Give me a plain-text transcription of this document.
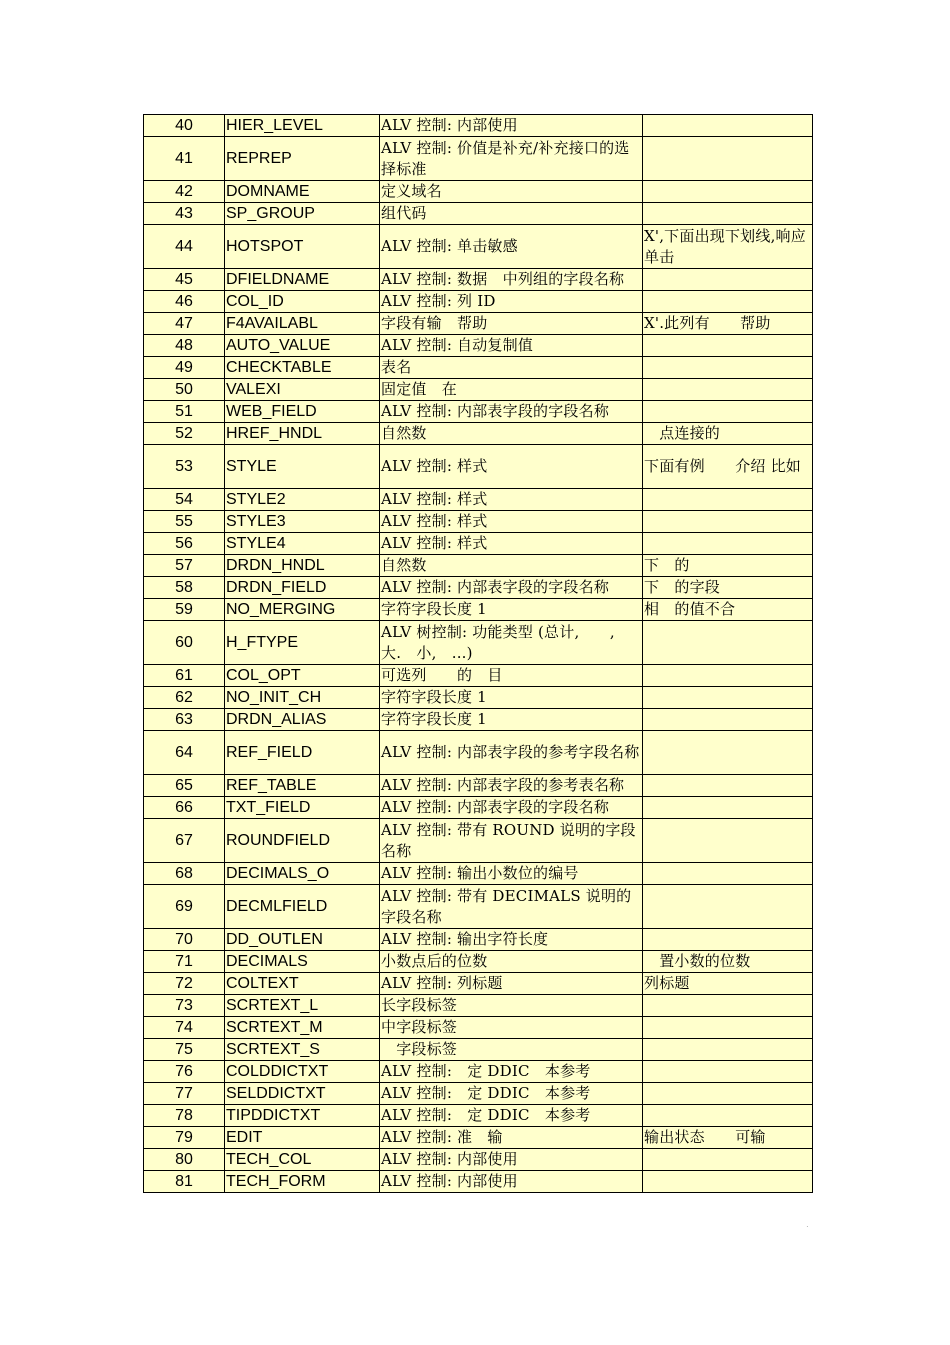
40	HIER_LEVEL	ALV 控制: 内部使用	
41	REPREP	ALV 控制: 价值是补充/补充接口的选择标准	
42	DOMNAME	定义域名	
43	SP_GROUP	组代码	
44	HOTSPOT	ALV 控制: 单击敏感	X',下面出现下划线,响应单击
45	DFIELDNAME	ALV 控制: 数据　中列组的字段名称	
46	COL_ID	ALV 控制: 列 ID	
47	F4AVAILABL	字段有输　帮助	X'.此列有　　帮助
48	AUTO_VALUE	ALV 控制: 自动复制值	
49	CHECKTABLE	表名	
50	VALEXI	固定值　在	
51	WEB_FIELD	ALV 控制: 内部表字段的字段名称	
52	HREF_HNDL	自然数	　点连接的
53	STYLE	ALV 控制: 样式	下面有例　　介绍 比如
54	STYLE2	ALV 控制: 样式	
55	STYLE3	ALV 控制: 样式	
56	STYLE4	ALV 控制: 样式	
57	DRDN_HNDL	自然数	下　的
58	DRDN_FIELD	ALV 控制: 内部表字段的字段名称	下　的字段
59	NO_MERGING	字符字段长度 1	相　的值不合
60	H_FTYPE	ALV 树控制: 功能类型 (总计,　　,　大.　小,　...)	
61	COL_OPT	可选列　　的　目	
62	NO_INIT_CH	字符字段长度 1	
63	DRDN_ALIAS	字符字段长度 1	
64	REF_FIELD	ALV 控制: 内部表字段的参考字段名称	
65	REF_TABLE	ALV 控制: 内部表字段的参考表名称	
66	TXT_FIELD	ALV 控制: 内部表字段的字段名称	
67	ROUNDFIELD	ALV 控制: 带有 ROUND 说明的字段名称	
68	DECIMALS_O	ALV 控制: 输出小数位的编号	
69	DECMLFIELD	ALV 控制: 带有 DECIMALS 说明的字段名称	
70	DD_OUTLEN	ALV 控制: 输出字符长度	
71	DECIMALS	小数点后的位数	　置小数的位数
72	COLTEXT	ALV 控制: 列标题	列标题
73	SCRTEXT_L	长字段标签	
74	SCRTEXT_M	中字段标签	
75	SCRTEXT_S	　字段标签	
76	COLDDICTXT	ALV 控制:　定 DDIC　本参考	
77	SELDDICTXT	ALV 控制:　定 DDIC　本参考	
78	TIPDDICTXT	ALV 控制:　定 DDIC　本参考	
79	EDIT	ALV 控制: 准　输	输出状态　　可输
80	TECH_COL	ALV 控制: 内部使用	
81	TECH_FORM	ALV 控制: 内部使用	
·
